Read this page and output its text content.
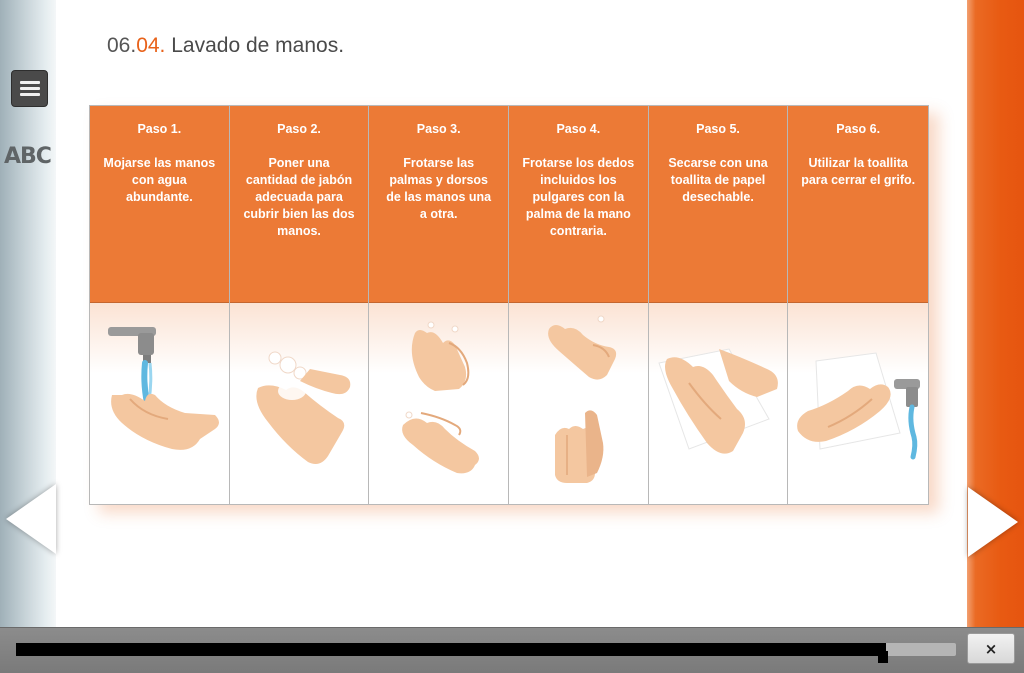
ABC
06.04. Lavado de manos.
Paso 1.
Mojarse las manos con agua abundante.
Paso 2.
Poner una cantidad de jabón adecuada para cubrir bien las dos manos.
Paso 3.
Frotarse las palmas y dorsos de las manos una a otra.
Paso 4.
Frotarse los dedos incluidos los pulgares con la palma de la mano contraria.
Paso 5.
Secarse con una toallita de papel desechable.
Paso 6.
Utilizar la toallita para cerrar el grifo.
×
